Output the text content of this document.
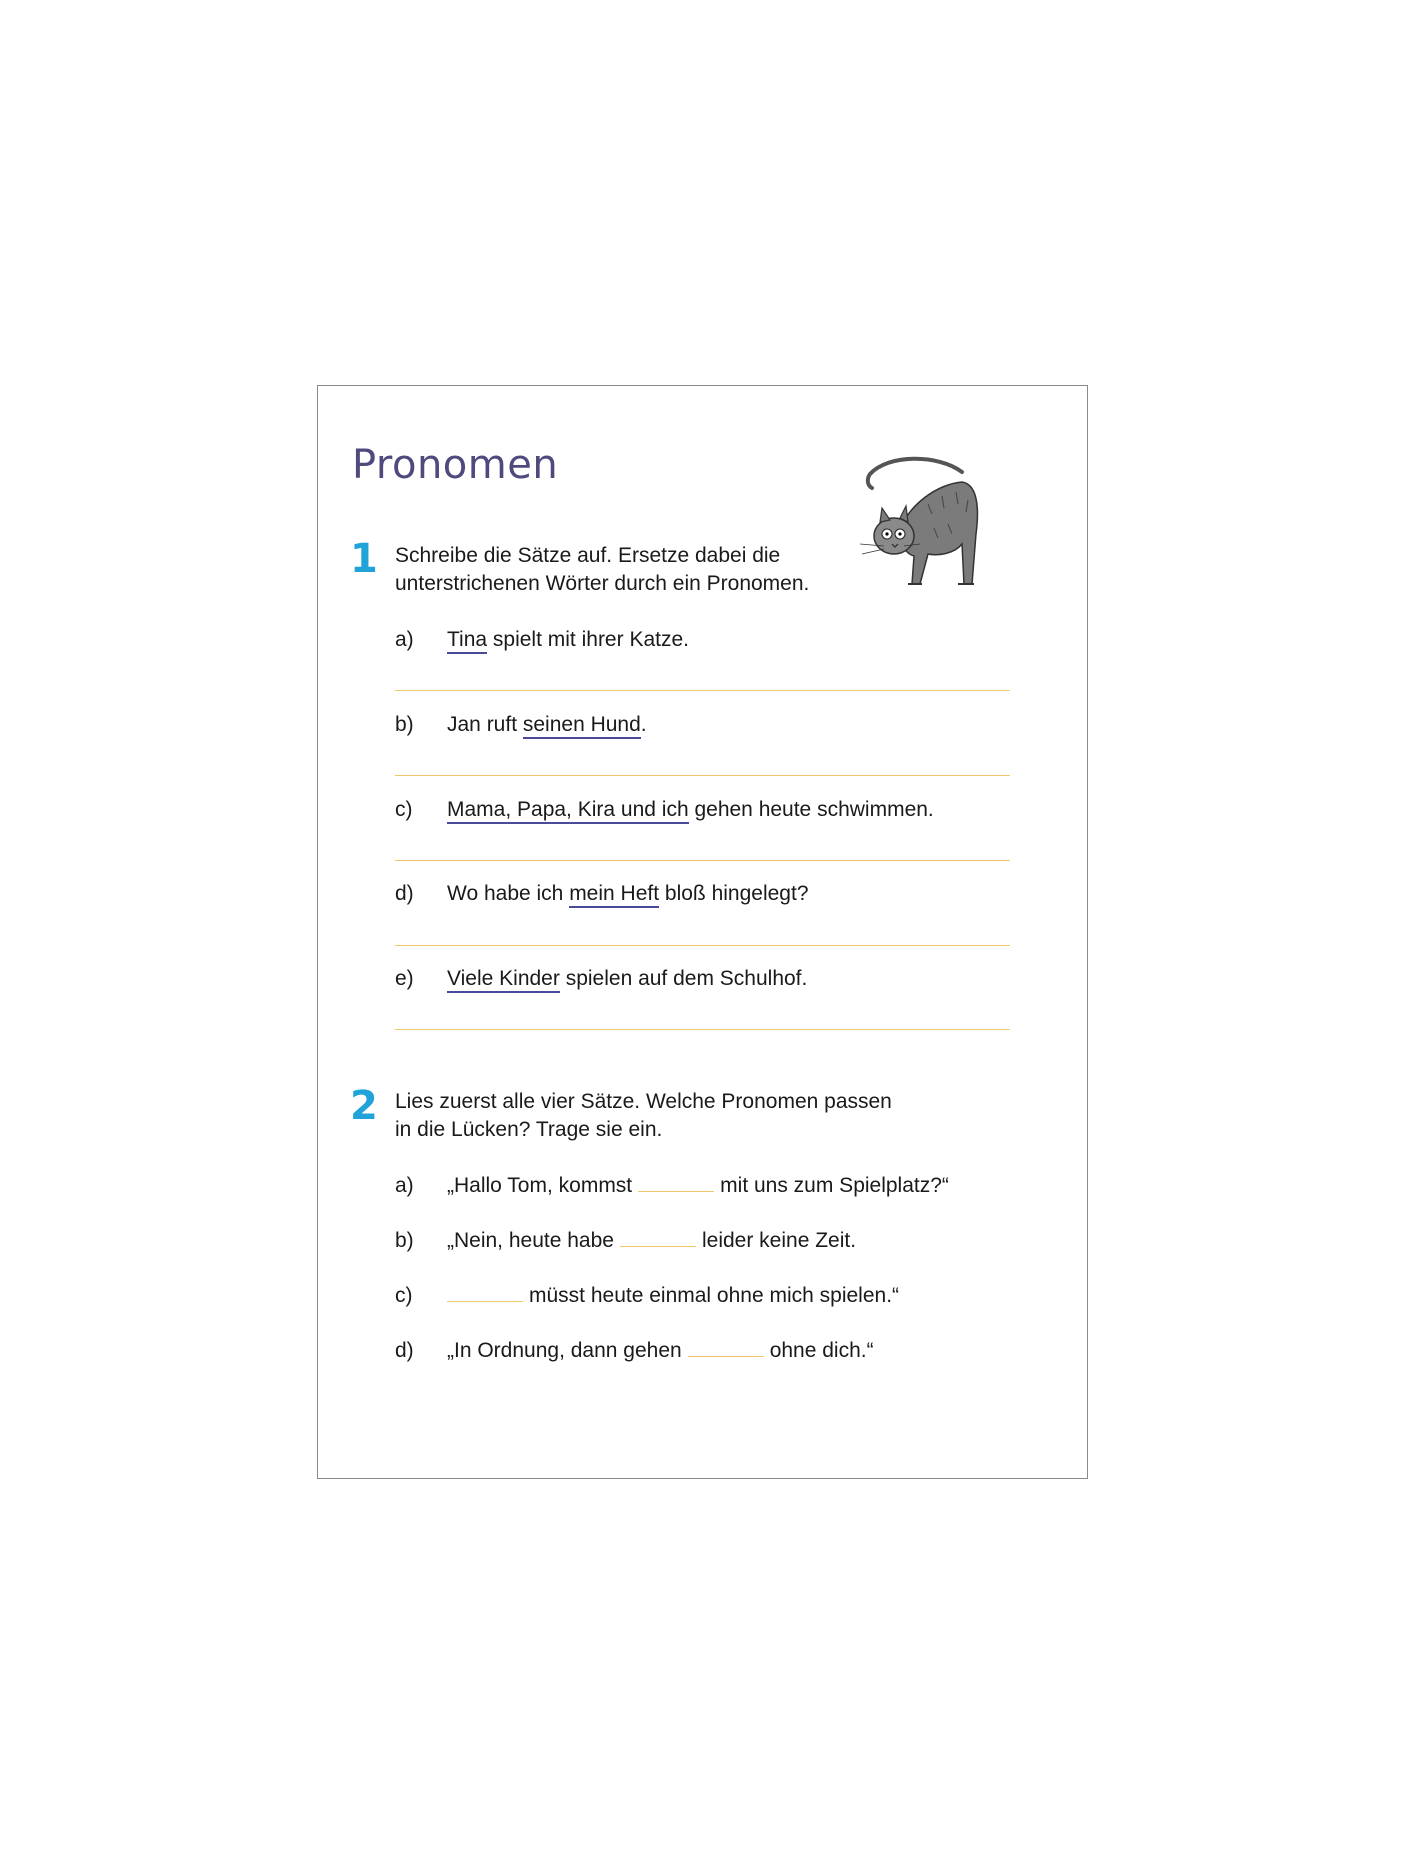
Pronomen
1 Schreibe die Sätze auf. Ersetze dabei die
unterstrichenen Wörter durch ein Pronomen.
a) Tina spielt mit ihrer Katze.
b) Jan ruft seinen Hund.
c) Mama, Papa, Kira und ich gehen heute schwimmen.
d) Wo habe ich mein Heft bloß hingelegt?
e) Viele Kinder spielen auf dem Schulhof.
2 Lies zuerst alle vier Sätze. Welche Pronomen passen
in die Lücken? Trage sie ein.
a) „Hallo Tom, kommst	mit uns zum Spielplatz?“
b) „Nein, heute habe	leider keine Zeit.
c)	müsst heute einmal ohne mich spielen.“
d) „In Ordnung, dann gehen	ohne dich.“
